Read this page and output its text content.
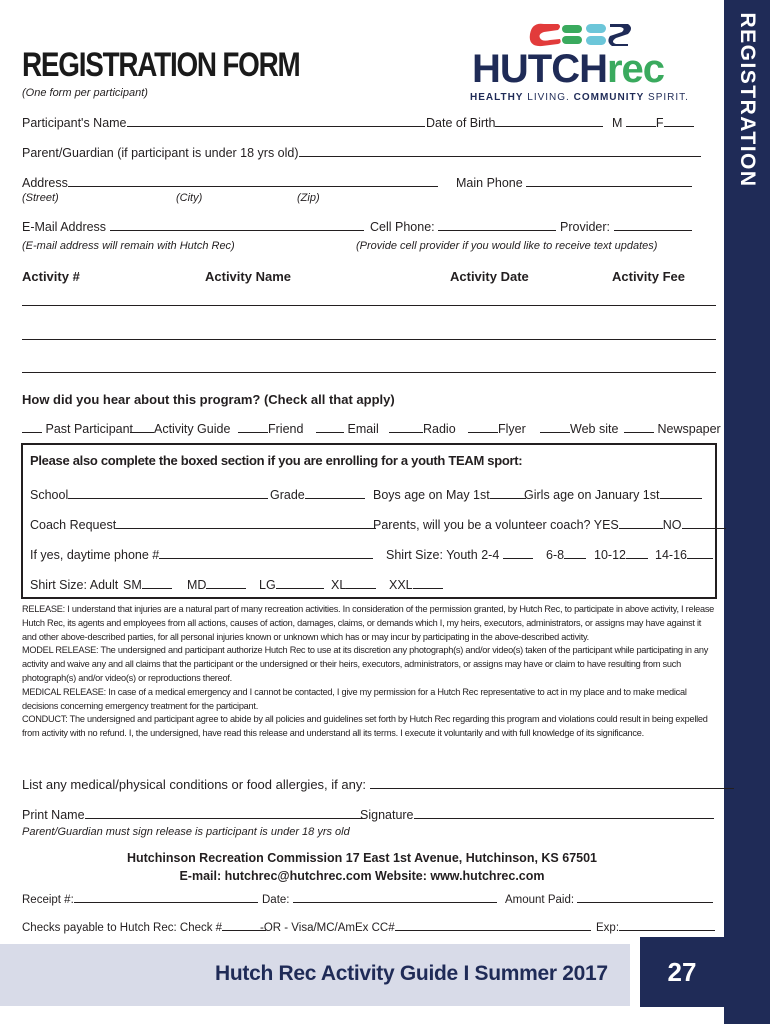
REGISTRATION
REGISTRATION FORM
(One form per participant)
HUTCHrec
HEALTHY LIVING. COMMUNITY SPIRIT.
Participant's Name	Date of Birth	M	F
Parent/Guardian (if participant is under 18 yrs old)
Address	Main Phone
(Street)	(City)	(Zip)
E-Mail Address	Cell Phone:	Provider:
(E-mail address will remain with Hutch Rec)	(Provide cell provider if you would like to receive text updates)
Activity #	Activity Name	Activity Date	Activity Fee
How did you hear about this program? (Check all that apply)
Past Participant	Activity Guide	Friend	Email	Radio	Flyer	Web site	Newspaper
Please also complete the boxed section if you are enrolling for a youth TEAM sport:
School	Grade	Boys age on May 1st	Girls age on January 1st
Coach Request	Parents, will you be a volunteer coach? YES	NO
If yes, daytime phone #	Shirt Size: Youth 2-4	6-8	10-12	14-16
Shirt Size: Adult SM	MD	LG	XL	XXL

RELEASE: I understand that injuries are a natural part of many recreation activities. In consideration of the permission granted, by Hutch Rec, to participate in above activity, I release Hutch Rec, its agents and employees from all actions, causes of action, damages, claims, or demands which I, my heirs, executors, administrators, or assigns may have against it and other above-described parties, for all personal injuries known or unknown which has or may incur by participating in the above-described activity.

MODEL RELEASE: The undersigned and participant authorize Hutch Rec to use at its discretion any photograph(s) and/or video(s) taken of the participant while participating in any activity and waive any and all claims that the participant or the undersigned or their heirs, executors, administrators, or assigns may have or claim to have resulting from such photograph(s) and/or video(s) or reproductions thereof.

MEDICAL RELEASE: In case of a medical emergency and I cannot be contacted, I give my permission for a Hutch Rec representative to act in my place and to make medical decisions concerning emergency treatment for the participant.

CONDUCT: The undersigned and participant agree to abide by all policies and guidelines set forth by Hutch Rec regarding this program and violations could result in being expelled from activity with no refund. I, the undersigned, have read this release and understand all its terms. I execute it voluntarily and with full knowledge of its significance.

List any medical/physical conditions or food allergies, if any:
Print Name	Signature
Parent/Guardian must sign release is participant is under 18 yrs old
Hutchinson Recreation Commission 17 East 1st Avenue, Hutchinson, KS 67501
E-mail: hutchrec@hutchrec.com Website: www.hutchrec.com
Receipt #:	Date:	Amount Paid:
Checks payable to Hutch Rec: Check #	-OR - Visa/MC/AmEx CC#	Exp:
Hutch Rec Activity Guide I Summer 2017	27
